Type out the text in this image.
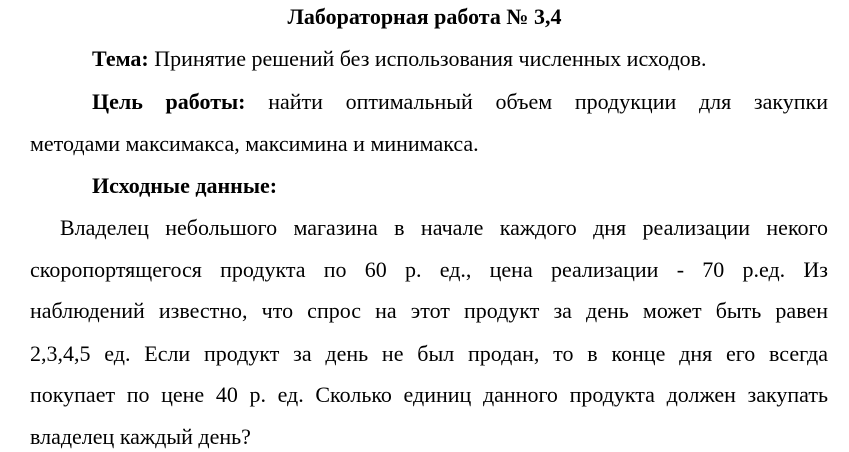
Лабораторная работа № 3,4
Тема: Принятие решений без использования численных исходов.
Цель работы: найти оптимальный объем продукции для закупки
методами максимакса, максимина и минимакса.
Исходные данные:
Владелец небольшого магазина в начале каждого дня реализации некого
скоропортящегося продукта по 60 р. ед., цена реализации - 70 р.ед. Из
наблюдений известно, что спрос на этот продукт за день может быть равен
2,3,4,5 ед. Если продукт за день не был продан, то в конце дня его всегда
покупает по цене 40 р. ед. Сколько единиц данного продукта должен закупать
владелец каждый день?
